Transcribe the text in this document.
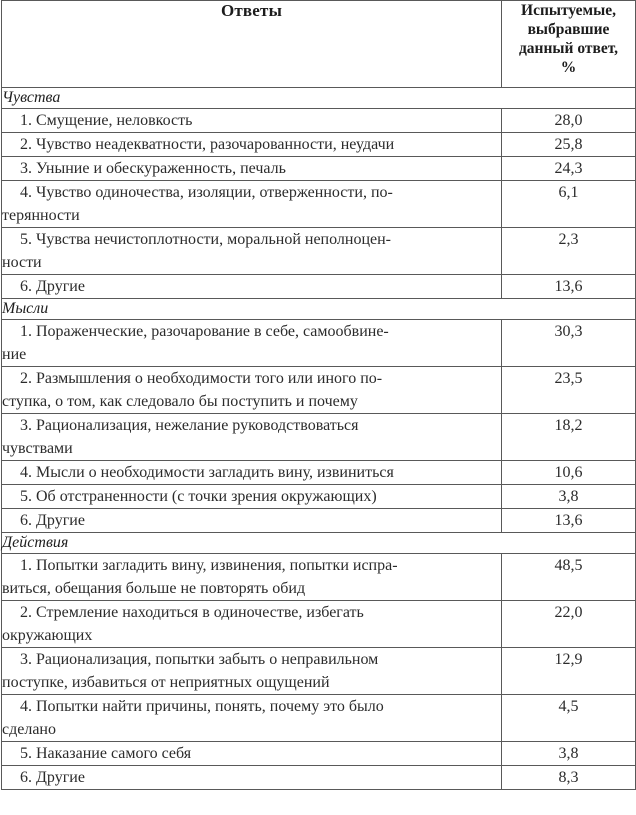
Ответы	Испытуемые,
выбравшие
данный ответ,
%

Чувства	

1. Смущение, неловкость	28,0

2. Чувство неадекватности, разочарованности, неудачи	25,8

3. Уныние и обескураженность, печаль	24,3

4. Чувство одиночества, изоляции, отверженности, по-
терянности	6,1

5. Чувства нечистоплотности, моральной неполноцен-
ности	2,3

6. Другие	13,6
Мысли	

1. Пораженческие, разочарование в себе, самообвине-
ние	30,3

2. Размышления о необходимости того или иного по-
ступка, о том, как следовало бы поступить и почему	23,5

3. Рационализация, нежелание руководствоваться
чувствами	18,2

4. Мысли о необходимости загладить вину, извиниться	10,6

5. Об отстраненности (с точки зрения окружающих)	3,8

6. Другие	13,6
Действия	

1. Попытки загладить вину, извинения, попытки испра-
виться, обещания больше не повторять обид	48,5

2. Стремление находиться в одиночестве, избегать
окружающих	22,0

3. Рационализация, попытки забыть о неправильном
поступке, избавиться от неприятных ощущений	12,9

4. Попытки найти причины, понять, почему это было
сделано	4,5

5. Наказание самого себя	3,8

6. Другие	8,3
